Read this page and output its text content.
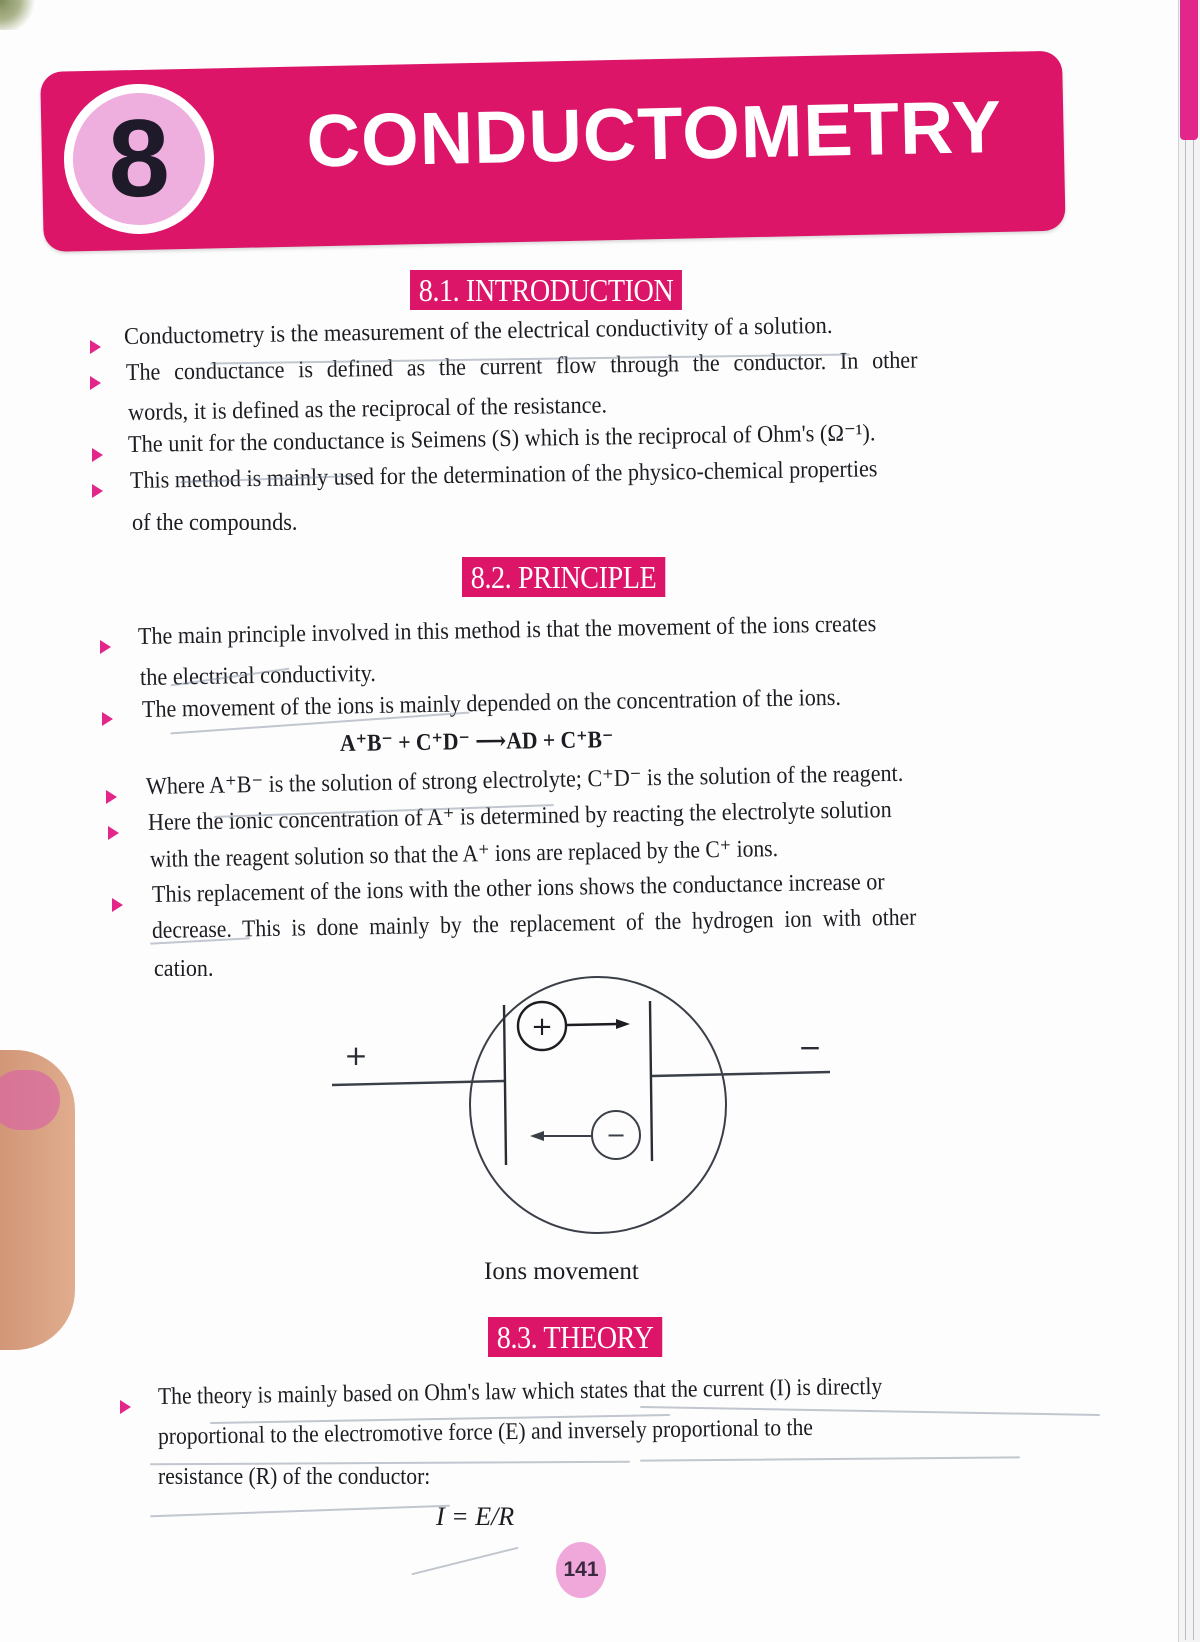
8 CONDUCTOMETRY
8.1. INTRODUCTION
Conductometry is the measurement of the electrical conductivity of a solution.
The conductance is defined as the current flow through the conductor. In other
words, it is defined as the reciprocal of the resistance.
The unit for the conductance is Seimens (S) which is the reciprocal of Ohm's (Ω⁻¹).
This method is mainly used for the determination of the physico-chemical properties
of the compounds.
8.2. PRINCIPLE
The main principle involved in this method is that the movement of the ions creates
the electrical conductivity.
The movement of the ions is mainly depended on the concentration of the ions.
A⁺B⁻ + C⁺D⁻ ⟶AD + C⁺B⁻
Where A⁺B⁻ is the solution of strong electrolyte; C⁺D⁻ is the solution of the reagent.
Here the ionic concentration of A⁺ is determined by reacting the electrolyte solution
with the reagent solution so that the A⁺ ions are replaced by the C⁺ ions.
This replacement of the ions with the other ions shows the conductance increase or
decrease. This is done mainly by the replacement of the hydrogen ion with other
cation.
+
−
+	−
Ions movement
8.3. THEORY
The theory is mainly based on Ohm's law which states that the current (I) is directly
proportional to the electromotive force (E) and inversely proportional to the
resistance (R) of the conductor:
I = E/R
141
